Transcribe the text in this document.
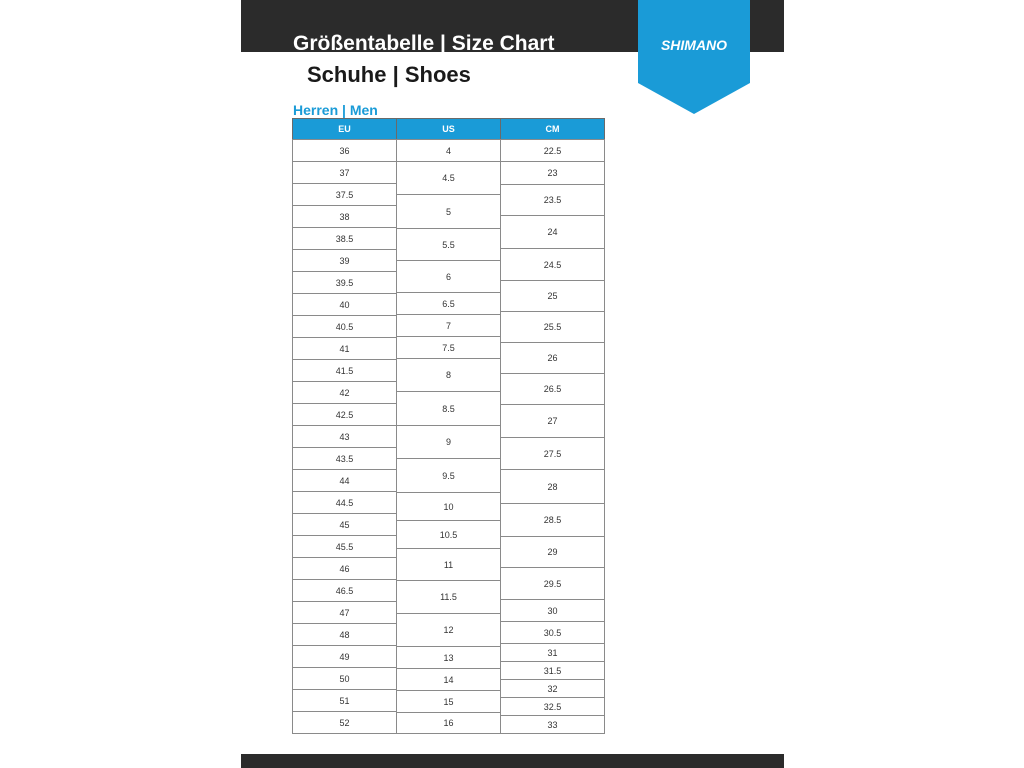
Größentabelle | Size Chart
Schuhe | Shoes
SHIMANO
Herren | Men
EU	US	CM
36
37
37.5
38
38.5
39
39.5
40
40.5
41
41.5
42
42.5
43
43.5
44
44.5
45
45.5
46
46.5
47
48
49
50
51
52
4
4.5
5
5.5
6
6.5
7
7.5
8
8.5
9
9.5
10
10.5
11
11.5
12
13
14
15
16
22.5
23
23.5
24
24.5
25
25.5
26
26.5
27
27.5
28
28.5
29
29.5
30
30.5
31
31.5
32
32.5
33
